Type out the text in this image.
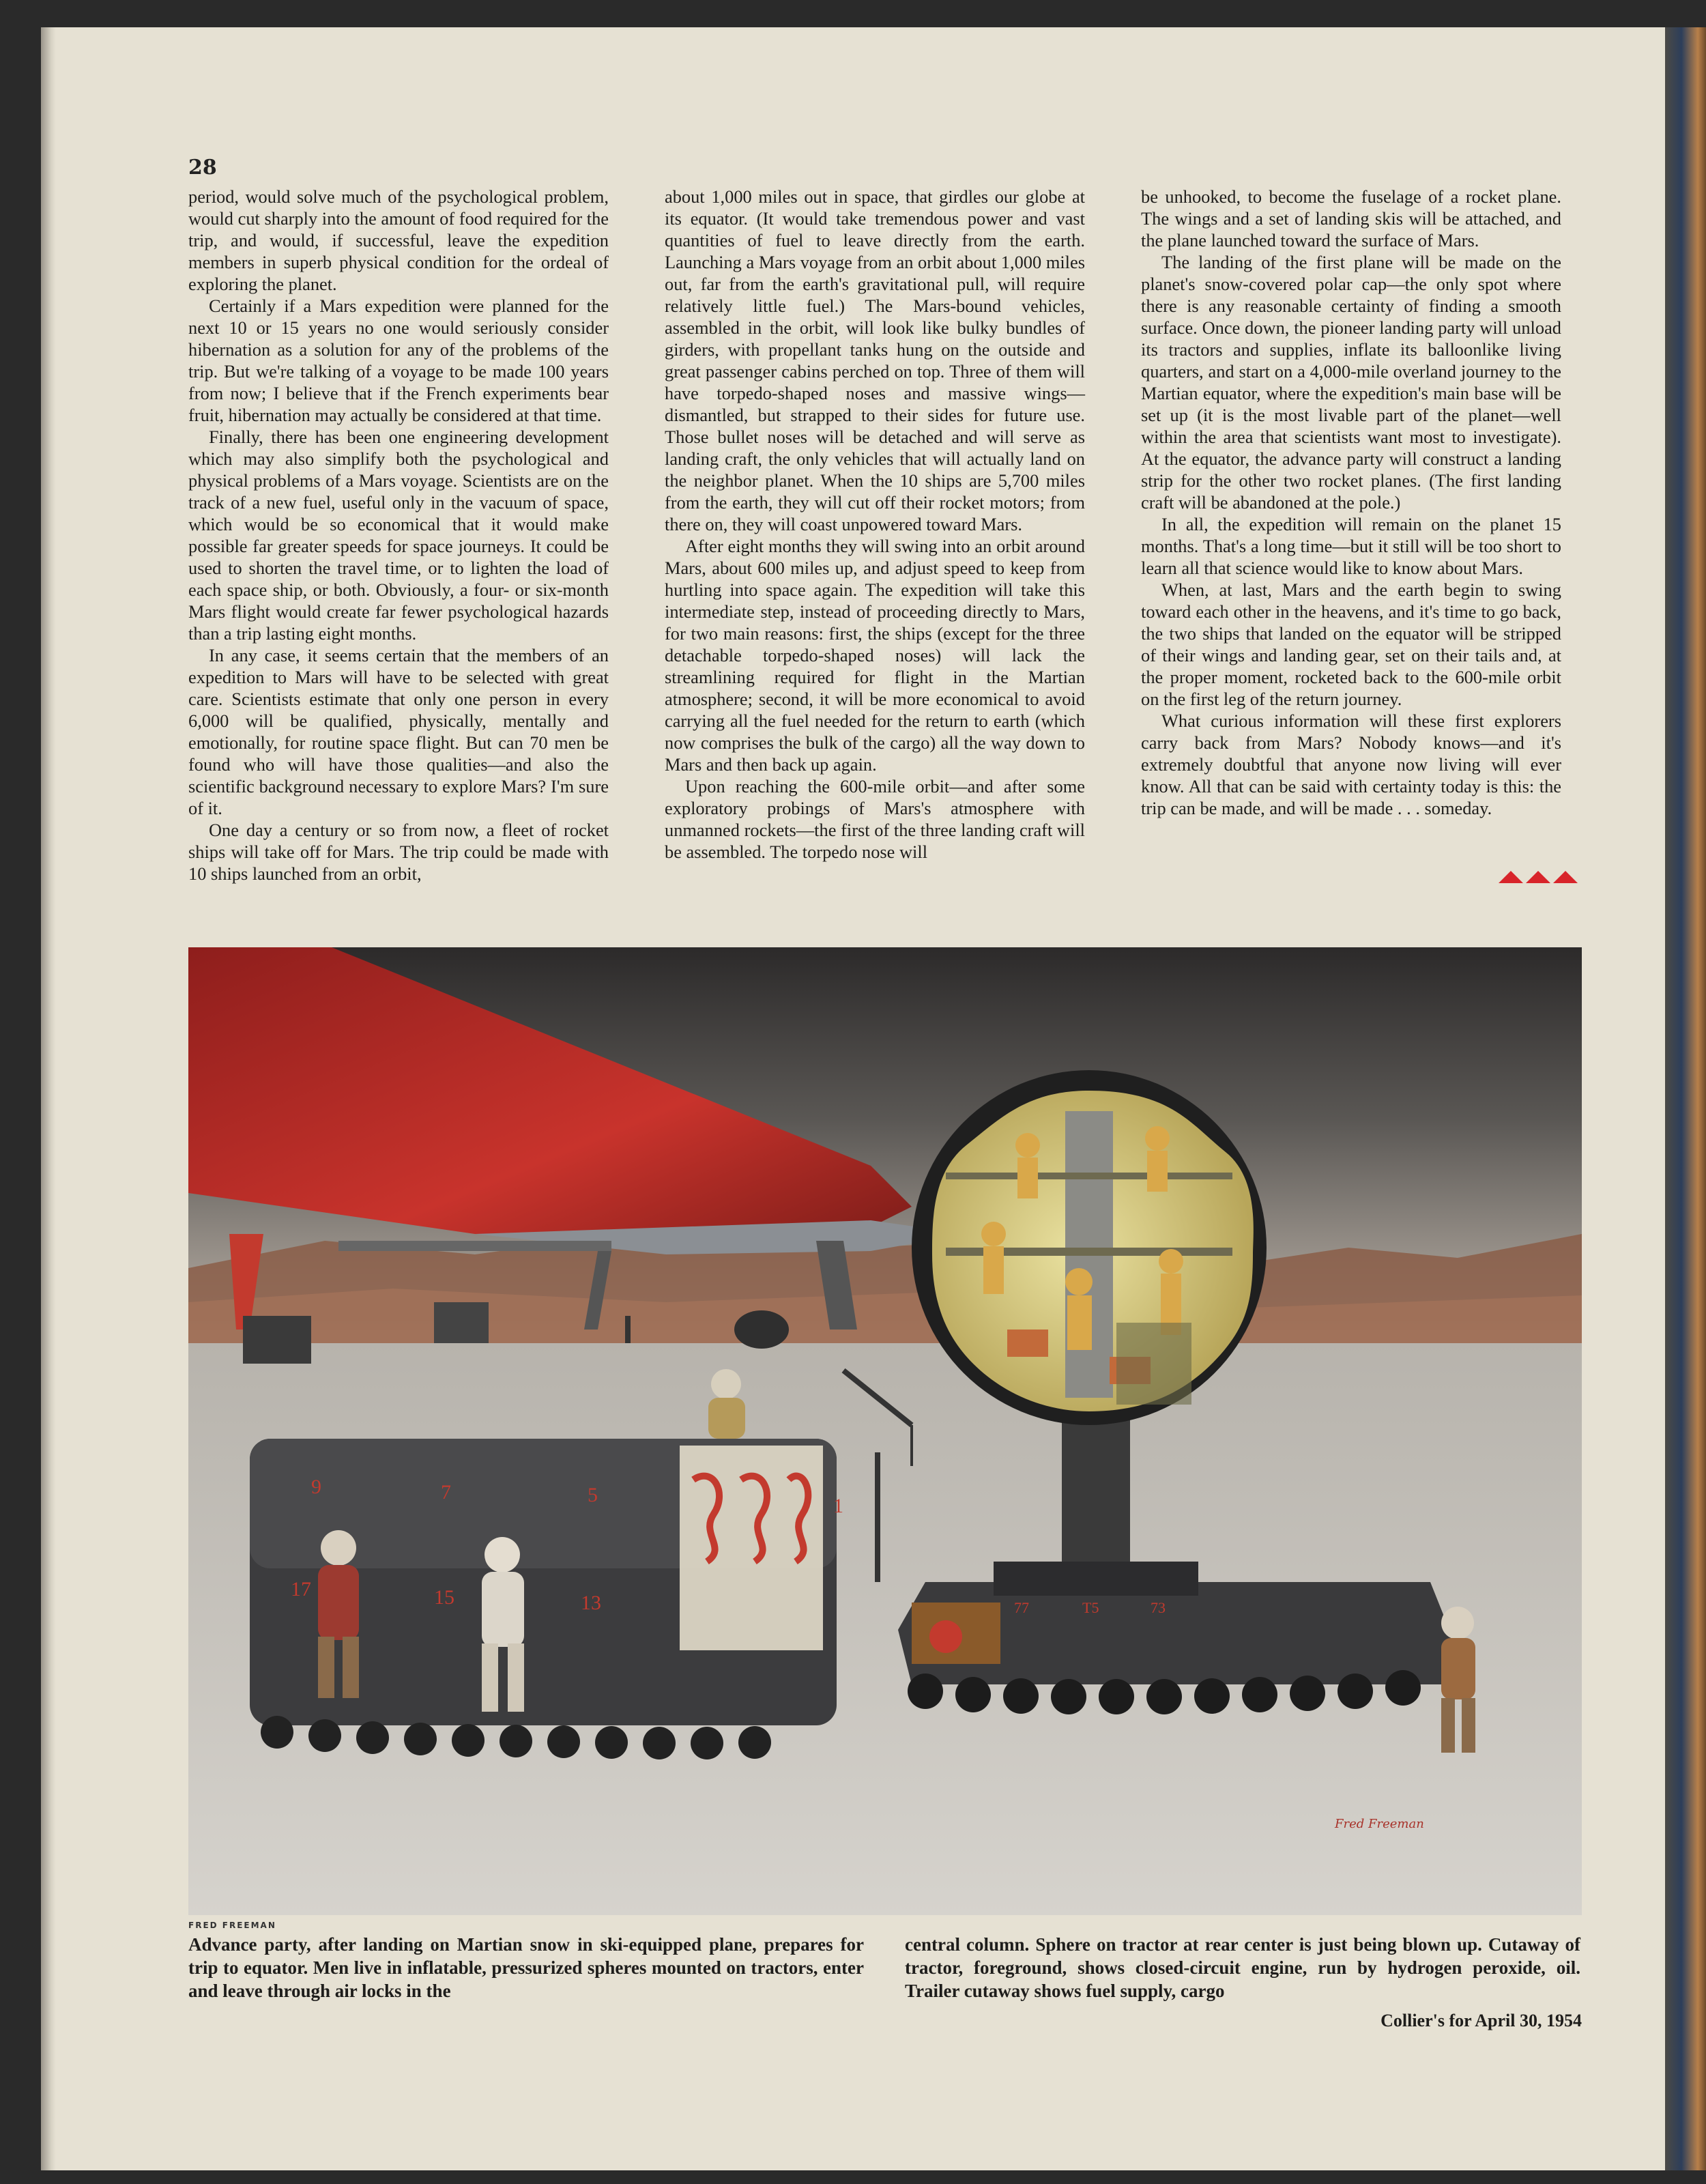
28

period, would solve much of the psychological problem, would cut sharply into the amount of food required for the trip, and would, if successful, leave the expedition members in superb physical condition for the ordeal of exploring the planet.

Certainly if a Mars expedition were planned for the next 10 or 15 years no one would seriously consider hibernation as a solution for any of the problems of the trip. But we're talking of a voyage to be made 100 years from now; I believe that if the French experiments bear fruit, hibernation may actually be considered at that time.

Finally, there has been one engineering development which may also simplify both the psychological and physical problems of a Mars voyage. Scientists are on the track of a new fuel, useful only in the vacuum of space, which would be so economical that it would make possible far greater speeds for space journeys. It could be used to shorten the travel time, or to lighten the load of each space ship, or both. Obviously, a four- or six-month Mars flight would create far fewer psychological hazards than a trip lasting eight months.

In any case, it seems certain that the members of an expedition to Mars will have to be selected with great care. Scientists estimate that only one person in every 6,000 will be qualified, physically, mentally and emotionally, for routine space flight. But can 70 men be found who will have those qualities—and also the scientific background necessary to explore Mars? I'm sure of it.

One day a century or so from now, a fleet of rocket ships will take off for Mars. The trip could be made with 10 ships launched from an orbit,

about 1,000 miles out in space, that girdles our globe at its equator. (It would take tremendous power and vast quantities of fuel to leave directly from the earth. Launching a Mars voyage from an orbit about 1,000 miles out, far from the earth's gravitational pull, will require relatively little fuel.) The Mars-bound vehicles, assembled in the orbit, will look like bulky bundles of girders, with propellant tanks hung on the outside and great passenger cabins perched on top. Three of them will have torpedo-shaped noses and massive wings—dismantled, but strapped to their sides for future use. Those bullet noses will be detached and will serve as landing craft, the only vehicles that will actually land on the neighbor planet. When the 10 ships are 5,700 miles from the earth, they will cut off their rocket motors; from there on, they will coast unpowered toward Mars.

After eight months they will swing into an orbit around Mars, about 600 miles up, and adjust speed to keep from hurtling into space again. The expedition will take this intermediate step, instead of proceeding directly to Mars, for two main reasons: first, the ships (except for the three detachable torpedo-shaped noses) will lack the streamlining required for flight in the Martian atmosphere; second, it will be more economical to avoid carrying all the fuel needed for the return to earth (which now comprises the bulk of the cargo) all the way down to Mars and then back up again.

Upon reaching the 600-mile orbit—and after some exploratory probings of Mars's atmosphere with unmanned rockets—the first of the three landing craft will be assembled. The torpedo nose will

be unhooked, to become the fuselage of a rocket plane. The wings and a set of landing skis will be attached, and the plane launched toward the surface of Mars.

The landing of the first plane will be made on the planet's snow-covered polar cap—the only spot where there is any reasonable certainty of finding a smooth surface. Once down, the pioneer landing party will unload its tractors and supplies, inflate its balloonlike living quarters, and start on a 4,000-mile overland journey to the Martian equator, where the expedition's main base will be set up (it is the most livable part of the planet—well within the area that scientists want most to investigate). At the equator, the advance party will construct a landing strip for the other two rocket planes. (The first landing craft will be abandoned at the pole.)

In all, the expedition will remain on the planet 15 months. That's a long time—but it still will be too short to learn all that science would like to know about Mars.

When, at last, Mars and the earth begin to swing toward each other in the heavens, and it's time to go back, the two ships that landed on the equator will be stripped of their wings and landing gear, set on their tails and, at the proper moment, rocketed back to the 600-mile orbit on the first leg of the return journey.

What curious information will these first explorers carry back from Mars? Nobody knows—and it's extremely doubtful that anyone now living will ever know. All that can be said with certainty today is this: the trip can be made, and will be made . . . someday.

9	7	5	1
17	15	13	77	T5	73
Fred Freeman
FRED FREEMAN
Advance party, after landing on Martian snow in ski-equipped plane, prepares for trip to equator. Men live in inflatable, pressurized spheres mounted on tractors, enter and leave through air locks in the
central column. Sphere on tractor at rear center is just being blown up. Cutaway of tractor, foreground, shows closed-circuit engine, run by hydrogen peroxide, oil. Trailer cutaway shows fuel supply, cargo
Collier's for April 30, 1954
